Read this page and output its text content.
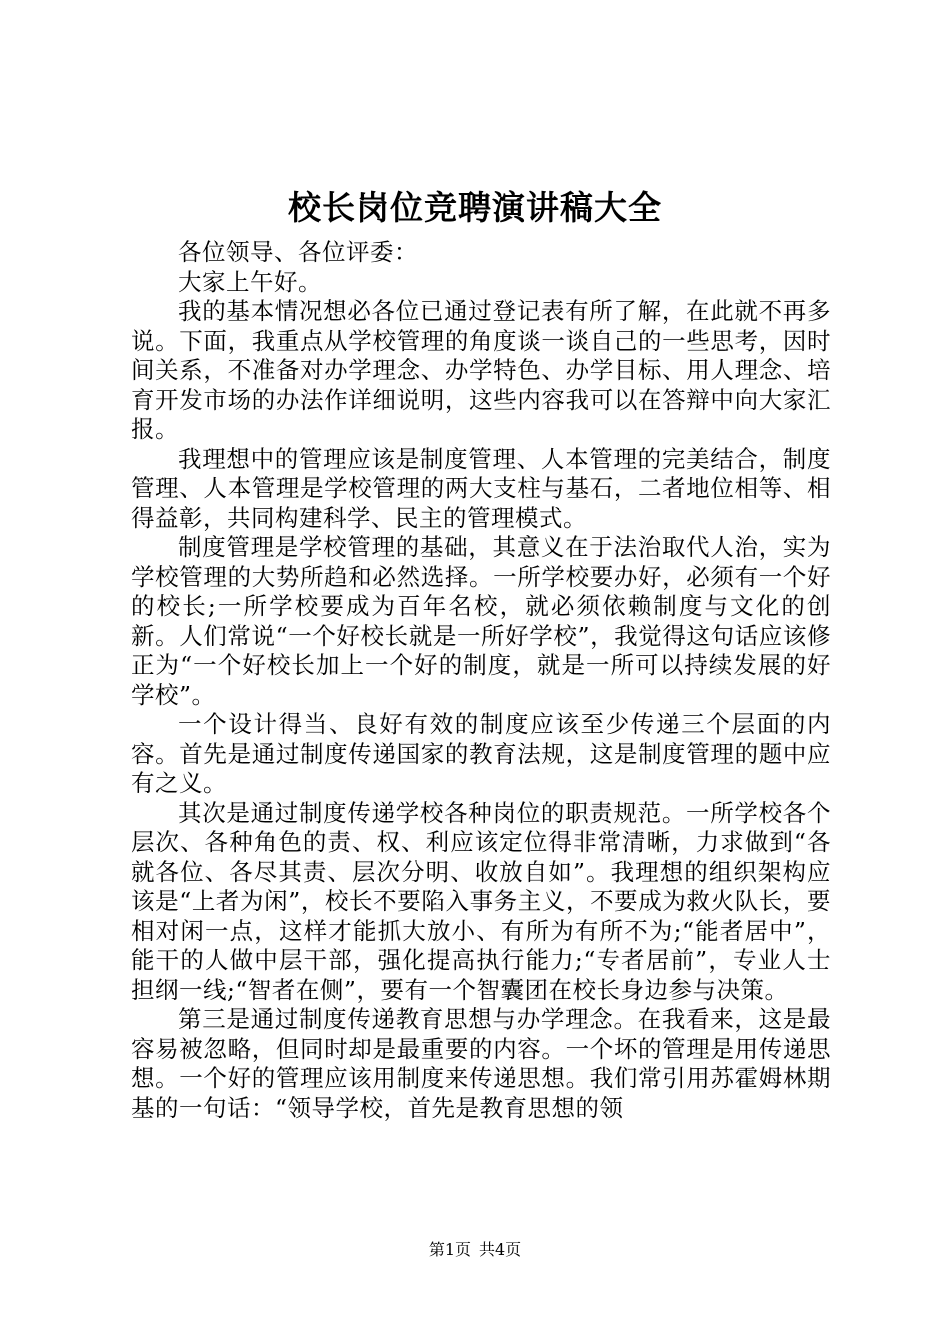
校长岗位竞聘演讲稿大全

各位领导、各位评委：

大家上午好。

我的基本情况想必各位已通过登记表有所了解，在此就不再多说。下面，我重点从学校管理的角度谈一谈自己的一些思考，因时间关系，不准备对办学理念、办学特色、办学目标、用人理念、培育开发市场的办法作详细说明，这些内容我可以在答辩中向大家汇报。

我理想中的管理应该是制度管理、人本管理的完美结合，制度管理、人本管理是学校管理的两大支柱与基石，二者地位相等、相得益彰，共同构建科学、民主的管理模式。

制度管理是学校管理的基础，其意义在于法治取代人治，实为学校管理的大势所趋和必然选择。一所学校要办好，必须有一个好的校长;一所学校要成为百年名校，就必须依赖制度与文化的创新。人们常说“一个好校长就是一所好学校”，我觉得这句话应该修正为“一个好校长加上一个好的制度，就是一所可以持续发展的好学校”。

一个设计得当、良好有效的制度应该至少传递三个层面的内容。首先是通过制度传递国家的教育法规，这是制度管理的题中应有之义。

其次是通过制度传递学校各种岗位的职责规范。一所学校各个层次、各种角色的责、权、利应该定位得非常清晰，力求做到“各就各位、各尽其责、层次分明、收放自如”。我理想的组织架构应该是“上者为闲”，校长不要陷入事务主义，不要成为救火队长，要相对闲一点，这样才能抓大放小、有所为有所不为;“能者居中”，能干的人做中层干部，强化提高执行能力;“专者居前”，专业人士担纲一线;“智者在侧”，要有一个智囊团在校长身边参与决策。

第三是通过制度传递教育思想与办学理念。在我看来，这是最容易被忽略，但同时却是最重要的内容。一个坏的管理是用传递思想。一个好的管理应该用制度来传递思想。我们常引用苏霍姆林期基的一句话：“领导学校，首先是教育思想的领

第1页 共4页
